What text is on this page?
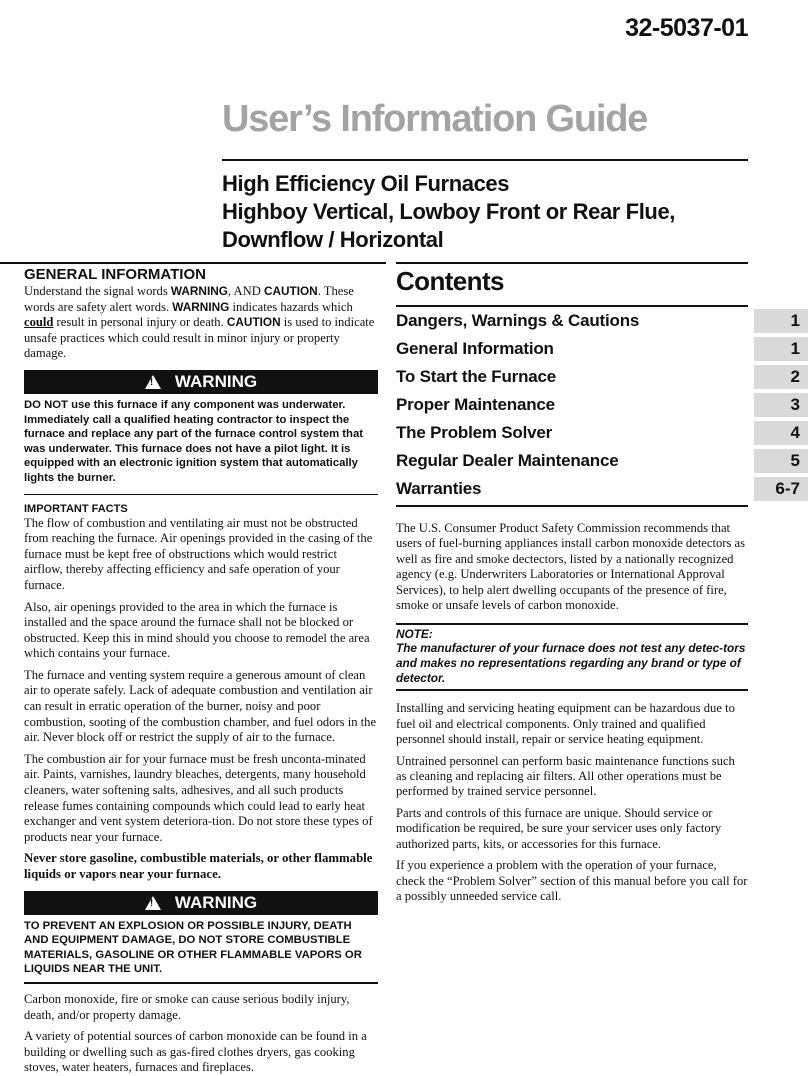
32-5037-01
User’s Information Guide
High Efficiency Oil Furnaces
Highboy Vertical, Lowboy Front or Rear Flue,
Downflow / Horizontal
GENERAL INFORMATION

Understand the signal words WARNING, AND CAUTION. These words are safety alert words. WARNING indicates hazards which could result in personal injury or death. CAUTION is used to indicate unsafe practices which could result in minor injury or property damage.

! WARNING

DO NOT use this furnace if any component was underwater. Immediately call a qualified heating contractor to inspect the furnace and replace any part of the furnace control system that was underwater. This furnace does not have a pilot light. It is equipped with an electronic ignition system that automatically lights the burner.

IMPORTANT FACTS

The flow of combustion and ventilating air must not be obstructed from reaching the furnace. Air openings provided in the casing of the furnace must be kept free of obstructions which would restrict airflow, thereby affecting efficiency and safe operation of your furnace.

Also, air openings provided to the area in which the furnace is installed and the space around the furnace shall not be blocked or obstructed. Keep this in mind should you choose to remodel the area which contains your furnace.

The furnace and venting system require a generous amount of clean air to operate safely. Lack of adequate combustion and ventilation air can result in erratic operation of the burner, noisy and poor combustion, sooting of the combustion chamber, and fuel odors in the air. Never block off or restrict the supply of air to the furnace.

The combustion air for your furnace must be fresh unconta-minated air. Paints, varnishes, laundry bleaches, detergents, many household cleaners, water softening salts, adhesives, and all such products release fumes containing compounds which could lead to early heat exchanger and vent system deteriora-tion. Do not store these types of products near your furnace.

Never store gasoline, combustible materials, or other flammable liquids or vapors near your furnace.

! WARNING

TO PREVENT AN EXPLOSION OR POSSIBLE INJURY, DEATH AND EQUIPMENT DAMAGE, DO NOT STORE COMBUSTIBLE MATERIALS, GASOLINE OR OTHER FLAMMABLE VAPORS OR LIQUIDS NEAR THE UNIT.

Carbon monoxide, fire or smoke can cause serious bodily injury, death, and/or property damage.

A variety of potential sources of carbon monoxide can be found in a building or dwelling such as gas-fired clothes dryers, gas cooking stoves, water heaters, furnaces and fireplaces.

Contents
Dangers, Warnings & Cautions	1
General Information	1
To Start the Furnace	2
Proper Maintenance	3
The Problem Solver	4
Regular Dealer Maintenance	5
Warranties	6-7

The U.S. Consumer Product Safety Commission recommends that users of fuel-burning appliances install carbon monoxide detectors as well as fire and smoke dectectors, listed by a nationally recognized agency (e.g. Underwriters Laboratories or International Approval Services), to help alert dwelling occupants of the presence of fire, smoke or unsafe levels of carbon monoxide.

NOTE:
The manufacturer of your furnace does not test any detec-tors and makes no representations regarding any brand or type of detector.

Installing and servicing heating equipment can be hazardous due to fuel oil and electrical components. Only trained and qualified personnel should install, repair or service heating equipment.

Untrained personnel can perform basic maintenance functions such as cleaning and replacing air filters. All other operations must be performed by trained service personnel.

Parts and controls of this furnace are unique. Should service or modification be required, be sure your servicer uses only factory authorized parts, kits, or accessories for this furnace.

If you experience a problem with the operation of your furnace, check the “Problem Solver” section of this manual before you call for a possibly unneeded service call.
